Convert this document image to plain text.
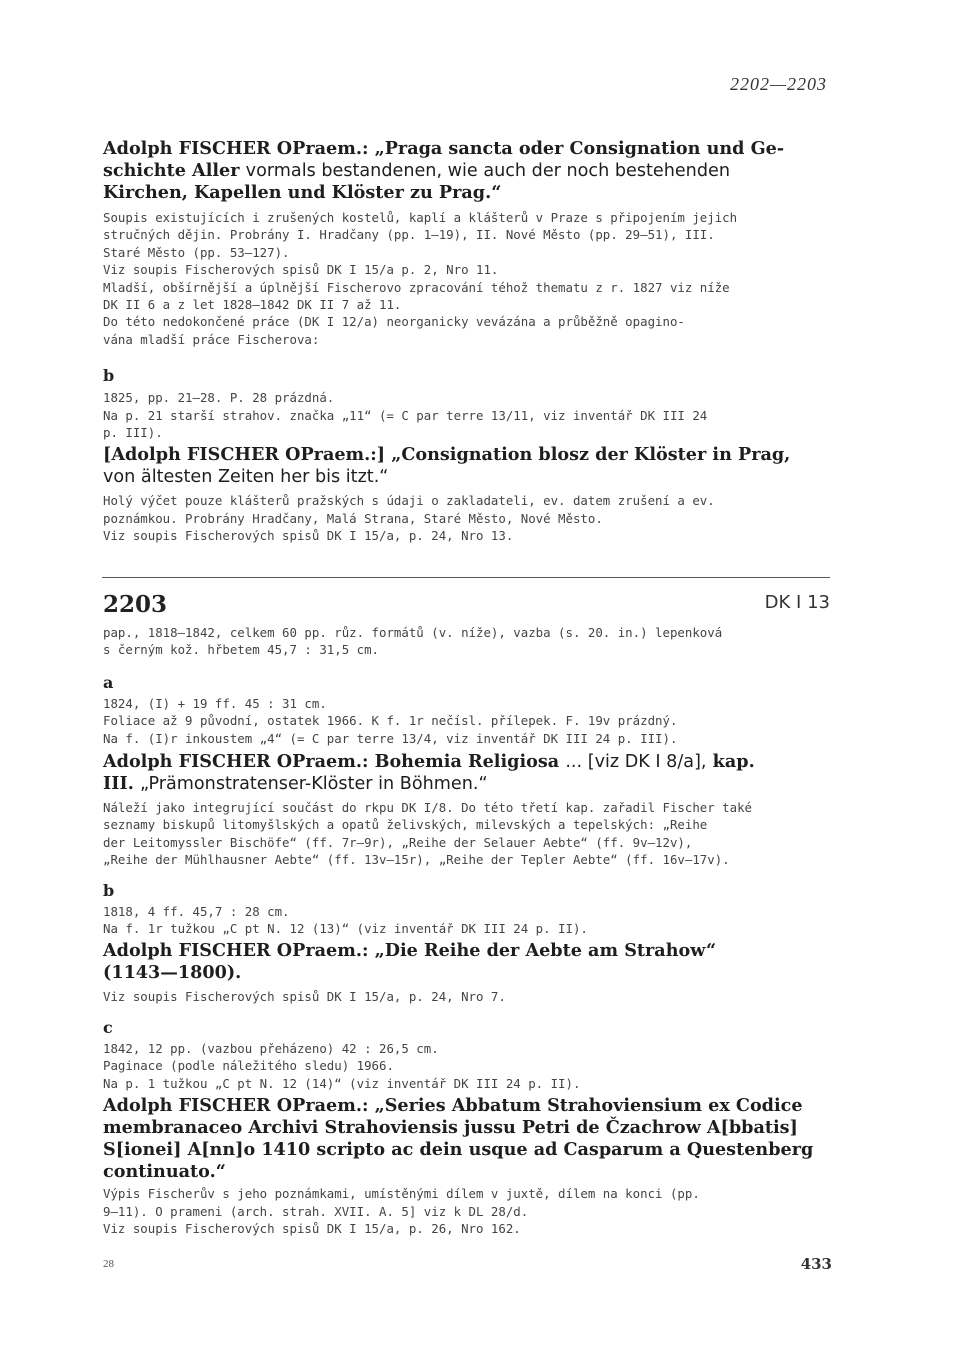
2202—2203

Adolph FISCHER OPraem.: „Praga sancta oder Consignation und Ge-

schichte Aller vormals bestandenen, wie auch der noch bestehenden

Kirchen, Kapellen und Klöster zu Prag.“

Soupis existujících i zrušených kostelů, kaplí a klášterů v Praze s připojením jejich

stručných dějin. Probrány I. Hradčany (pp. 1—19), II. Nové Město (pp. 29—51), III.

Staré Město (pp. 53—127).

Viz soupis Fischerových spisů DK I 15/a p. 2, Nro 11.

Mladší, obšírnější a úplnější Fischerovo zpracování téhož thematu z r. 1827 viz níže

DK II 6 a z let 1828—1842 DK II 7 až 11.

Do této nedokončené práce (DK I 12/a) neorganicky vevázána a průběžně opagino-

vána mladší práce Fischerova:

b

1825, pp. 21—28. P. 28 prázdná.

Na p. 21 starší strahov. značka „11“ (= C par terre 13/11, viz inventář DK III 24

p. III).

[Adolph FISCHER OPraem.:] „Consignation blosz der Klöster in Prag,

von ältesten Zeiten her bis itzt.“

Holý výčet pouze klášterů pražských s údaji o zakladateli, ev. datem zrušení a ev.

poznámkou. Probrány Hradčany, Malá Strana, Staré Město, Nové Město.

Viz soupis Fischerových spisů DK I 15/a, p. 24, Nro 13.

2203	DK I 13

pap., 1818—1842, celkem 60 pp. růz. formátů (v. níže), vazba (s. 20. in.) lepenková

s černým kož. hřbetem 45,7 : 31,5 cm.

a

1824, (I) + 19 ff. 45 : 31 cm.

Foliace až 9 původní, ostatek 1966. K f. 1r nečísl. přílepek. F. 19v prázdný.

Na f. (I)r inkoustem „4“ (= C par terre 13/4, viz inventář DK III 24 p. III).

Adolph FISCHER OPraem.: Bohemia Religiosa ... [viz DK I 8/a], kap.

III. „Prämonstratenser-Klöster in Böhmen.“

Náleží jako integrující součást do rkpu DK I/8. Do této třetí kap. zařadil Fischer také

seznamy biskupů litomyšlských a opatů želivských, milevských a tepelských: „Reihe

der Leitomyssler Bischöfe“ (ff. 7r—9r), „Reihe der Selauer Aebte“ (ff. 9v—12v),

„Reihe der Mühlhausner Aebte“ (ff. 13v—15r), „Reihe der Tepler Aebte“ (ff. 16v—17v).

b

1818, 4 ff. 45,7 : 28 cm.

Na f. 1r tužkou „C pt N. 12 (13)“ (viz inventář DK III 24 p. II).

Adolph FISCHER OPraem.: „Die Reihe der Aebte am Strahow“

(1143—1800).

Viz soupis Fischerových spisů DK I 15/a, p. 24, Nro 7.

c

1842, 12 pp. (vazbou přeházeno) 42 : 26,5 cm.

Paginace (podle náležitého sledu) 1966.

Na p. 1 tužkou „C pt N. 12 (14)“ (viz inventář DK III 24 p. II).

Adolph FISCHER OPraem.: „Series Abbatum Strahoviensium ex Codice

membranaceo Archivi Strahoviensis jussu Petri de Čzachrow A[bbatis]

S[ionei] A[nn]o 1410 scripto ac dein usque ad Casparum a Questenberg

continuato.“

Výpis Fischerův s jeho poznámkami, umístěnými dílem v juxtě, dílem na konci (pp.

9—11). O prameni (arch. strah. XVII. A. 5] viz k DL 28/d.

Viz soupis Fischerových spisů DK I 15/a, p. 26, Nro 162.

28	433
